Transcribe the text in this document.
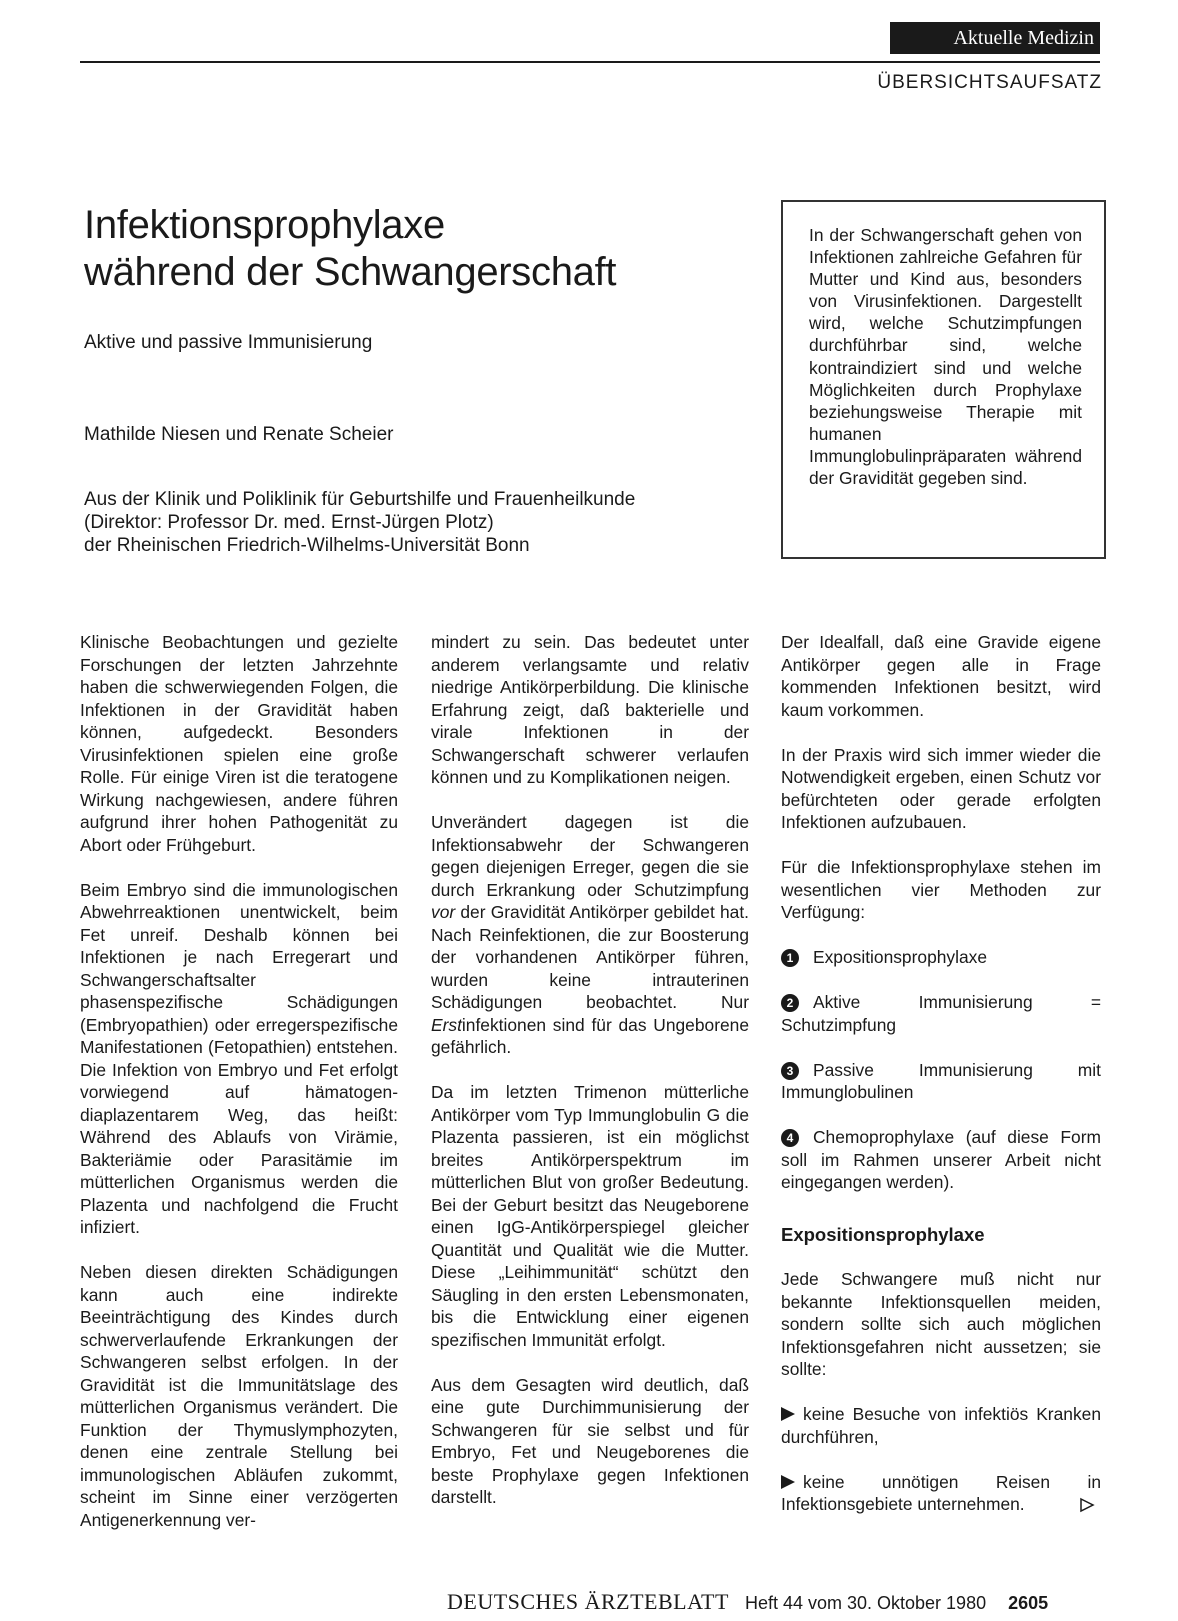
Aktuelle Medizin
ÜBERSICHTSAUFSATZ
Infektionsprophylaxe
während der Schwangerschaft
Aktive und passive Immunisierung
Mathilde Niesen und Renate Scheier
Aus der Klinik und Poliklinik für Geburtshilfe und Frauenheilkunde
(Direktor: Professor Dr. med. Ernst-Jürgen Plotz)
der Rheinischen Friedrich-Wilhelms-Universität Bonn
In der Schwangerschaft gehen von Infektionen zahlreiche Gefahren für Mutter und Kind aus, besonders von Virusinfektionen. Dargestellt wird, welche Schutzimpfungen durchführbar sind, welche kontraindiziert sind und welche Möglichkeiten durch Prophylaxe beziehungsweise Therapie mit humanen Immunglobulinpräparaten während der Gravidität gegeben sind.

Klinische Beobachtungen und gezielte Forschungen der letzten Jahrzehnte haben die schwerwiegenden Folgen, die Infektionen in der Gravidität haben können, aufgedeckt. Besonders Virusinfektionen spielen eine große Rolle. Für einige Viren ist die teratogene Wirkung nachgewiesen, andere führen aufgrund ihrer hohen Pathogenität zu Abort oder Frühgeburt.

Beim Embryo sind die immunologischen Abwehrreaktionen unentwickelt, beim Fet unreif. Deshalb können bei Infektionen je nach Erregerart und Schwangerschaftsalter phasenspezifische Schädigungen (Embryopathien) oder erregerspezifische Manifestationen (Fetopathien) entstehen. Die Infektion von Embryo und Fet erfolgt vorwiegend auf hämatogen-diaplazentarem Weg, das heißt: Während des Ablaufs von Virämie, Bakteriämie oder Parasitämie im mütterlichen Organismus werden die Plazenta und nachfolgend die Frucht infiziert.

Neben diesen direkten Schädigungen kann auch eine indirekte Beeinträchtigung des Kindes durch schwerverlaufende Erkrankungen der Schwangeren selbst erfolgen. In der Gravidität ist die Immunitätslage des mütterlichen Organismus verändert. Die Funktion der Thymuslymphozyten, denen eine zentrale Stellung bei immunologischen Abläufen zukommt, scheint im Sinne einer verzögerten Antigenerkennung ver-

mindert zu sein. Das bedeutet unter anderem verlangsamte und relativ niedrige Antikörperbildung. Die klinische Erfahrung zeigt, daß bakterielle und virale Infektionen in der Schwangerschaft schwerer verlaufen können und zu Komplikationen neigen.

Unverändert dagegen ist die Infektionsabwehr der Schwangeren gegen diejenigen Erreger, gegen die sie durch Erkrankung oder Schutzimpfung vor der Gravidität Antikörper gebildet hat. Nach Reinfektionen, die zur Boosterung der vorhandenen Antikörper führen, wurden keine intrauterinen Schädigungen beobachtet. Nur Erstinfektionen sind für das Ungeborene gefährlich.

Da im letzten Trimenon mütterliche Antikörper vom Typ Immunglobulin G die Plazenta passieren, ist ein möglichst breites Antikörperspektrum im mütterlichen Blut von großer Bedeutung. Bei der Geburt besitzt das Neugeborene einen IgG-Antikörperspiegel gleicher Quantität und Qualität wie die Mutter. Diese „Leihimmunität“ schützt den Säugling in den ersten Lebensmonaten, bis die Entwicklung einer eigenen spezifischen Immunität erfolgt.

Aus dem Gesagten wird deutlich, daß eine gute Durchimmunisierung der Schwangeren für sie selbst und für Embryo, Fet und Neugeborenes die beste Prophylaxe gegen Infektionen darstellt.

Der Idealfall, daß eine Gravide eigene Antikörper gegen alle in Frage kommenden Infektionen besitzt, wird kaum vorkommen.

In der Praxis wird sich immer wieder die Notwendigkeit ergeben, einen Schutz vor befürchteten oder gerade erfolgten Infektionen aufzubauen.

Für die Infektionsprophylaxe stehen im wesentlichen vier Methoden zur Verfügung:

1 Expositionsprophylaxe

2 Aktive Immunisierung = Schutzimpfung

3 Passive Immunisierung mit Immunglobulinen

4 Chemoprophylaxe (auf diese Form soll im Rahmen unserer Arbeit nicht eingegangen werden).

Expositionsprophylaxe

Jede Schwangere muß nicht nur bekannte Infektionsquellen meiden, sondern sollte sich auch möglichen Infektionsgefahren nicht aussetzen; sie sollte:

keine Besuche von infektiös Kranken durchführen,

keine unnötigen Reisen in Infektionsgebiete unternehmen.

DEUTSCHES ÄRZTEBLATT Heft 44 vom 30. Oktober 1980 2605
